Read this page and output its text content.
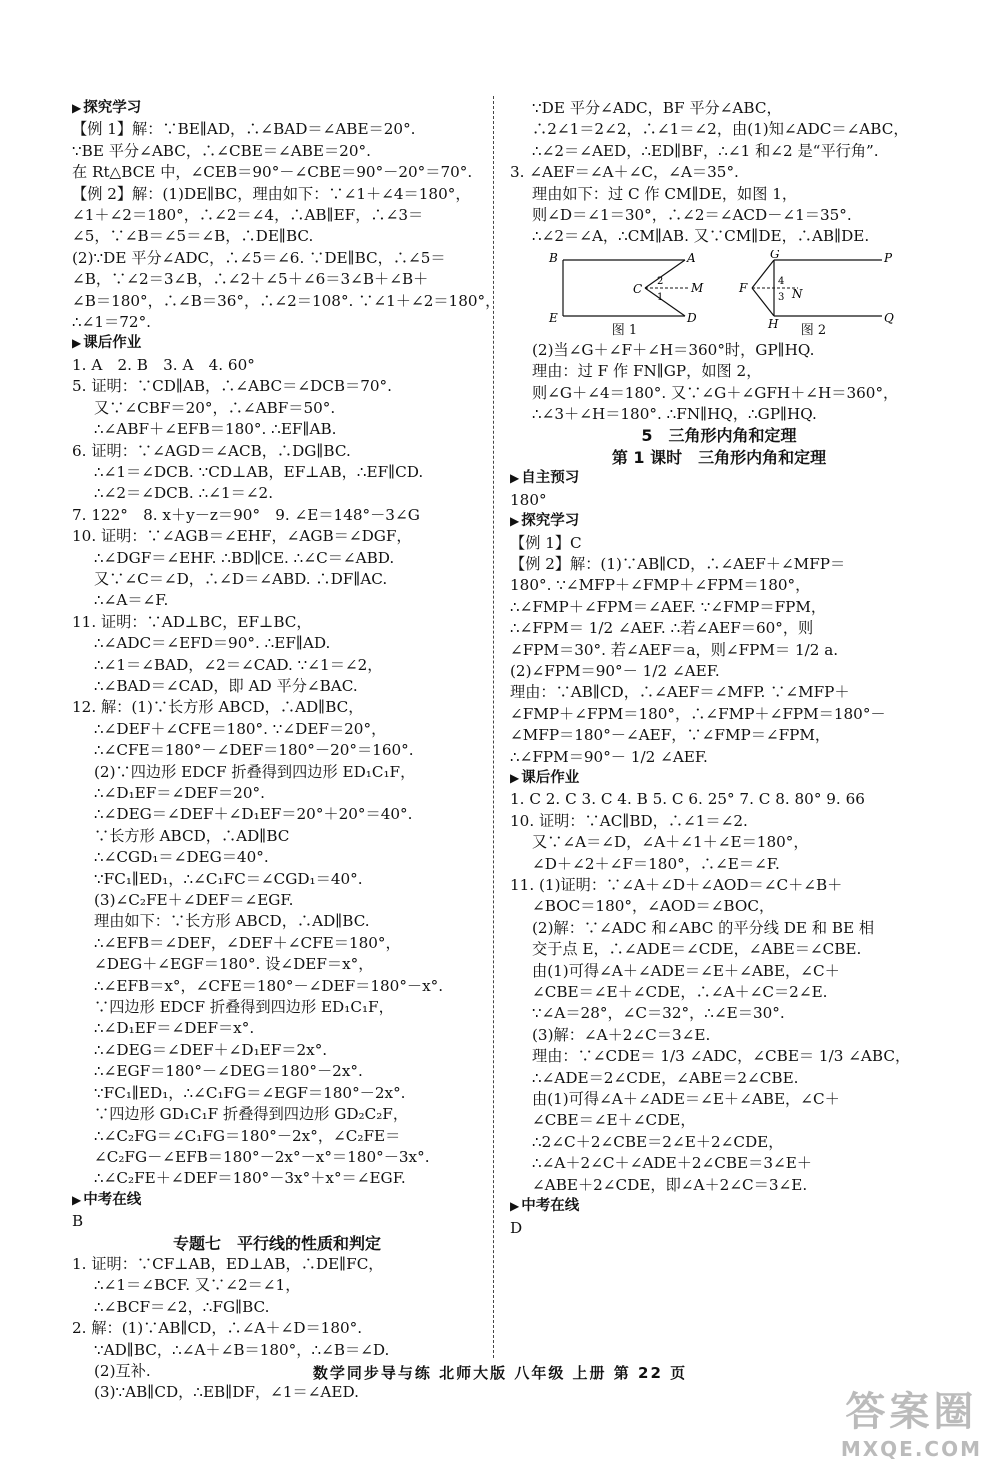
▶ 探究学习
【例 1】解：∵BE∥AD，∴∠BAD＝∠ABE＝20°.
∵BE 平分∠ABC，∴∠CBE＝∠ABE＝20°.
在 Rt△BCE 中，∠CEB＝90°－∠CBE＝90°－20°＝70°.
【例 2】解：(1)DE∥BC，理由如下：∵∠1＋∠4＝180°，
∠1＋∠2＝180°，∴∠2＝∠4，∴AB∥EF，∴∠3＝
∠5，∵∠B＝∠5＝∠B，∴DE∥BC.
(2)∵DE 平分∠ADC，∴∠5＝∠6. ∵DE∥BC，∴∠5＝
∠B，∵∠2＝3∠B，∴∠2＋∠5＋∠6＝3∠B＋∠B＋
∠B＝180°，∴∠B＝36°，∴∠2＝108°. ∵∠1＋∠2＝180°，
∴∠1＝72°.
▶ 课后作业
1. A　2. B　3. A　4. 60°
5. 证明：∵CD∥AB，∴∠ABC＝∠DCB＝70°.
又∵∠CBF＝20°，∴∠ABF＝50°.
∴∠ABF＋∠EFB＝180°. ∴EF∥AB.
6. 证明：∵∠AGD＝∠ACB，∴DG∥BC.
∴∠1＝∠DCB. ∵CD⊥AB，EF⊥AB，∴EF∥CD.
∴∠2＝∠DCB. ∴∠1＝∠2.
7. 122°　8. x＋y－z＝90°　9. ∠E＝148°－3∠G
10. 证明：∵∠AGB＝∠EHF，∠AGB＝∠DGF，
∴∠DGF＝∠EHF. ∴BD∥CE. ∴∠C＝∠ABD.
又∵∠C＝∠D，∴∠D＝∠ABD. ∴DF∥AC.
∴∠A＝∠F.
11. 证明：∵AD⊥BC，EF⊥BC，
∴∠ADC＝∠EFD＝90°. ∴EF∥AD.
∴∠1＝∠BAD，∠2＝∠CAD. ∵∠1＝∠2，
∴∠BAD＝∠CAD，即 AD 平分∠BAC.
12. 解：(1)∵长方形 ABCD，∴AD∥BC，
∴∠DEF＋∠CFE＝180°. ∵∠DEF＝20°，
∴∠CFE＝180°－∠DEF＝180°－20°＝160°.
(2)∵四边形 EDCF 折叠得到四边形 ED₁C₁F，
∴∠D₁EF＝∠DEF＝20°.
∴∠DEG＝∠DEF＋∠D₁EF＝20°＋20°＝40°.
∵长方形 ABCD，∴AD∥BC
∴∠CGD₁＝∠DEG＝40°.
∵FC₁∥ED₁，∴∠C₁FC＝∠CGD₁＝40°.
(3)∠C₂FE＋∠DEF＝∠EGF.
理由如下：∵长方形 ABCD，∴AD∥BC.
∴∠EFB＝∠DEF，∠DEF＋∠CFE＝180°，
∠DEG＋∠EGF＝180°. 设∠DEF＝x°，
∴∠EFB＝x°，∠CFE＝180°－∠DEF＝180°－x°.
∵四边形 EDCF 折叠得到四边形 ED₁C₁F，
∴∠D₁EF＝∠DEF＝x°.
∴∠DEG＝∠DEF＋∠D₁EF＝2x°.
∴∠EGF＝180°－∠DEG＝180°－2x°.
∵FC₁∥ED₁，∴∠C₁FG＝∠EGF＝180°－2x°.
∵四边形 GD₁C₁F 折叠得到四边形 GD₂C₂F，
∴∠C₂FG＝∠C₁FG＝180°－2x°，∠C₂FE＝
∠C₂FG－∠EFB＝180°－2x°－x°＝180°－3x°.
∴∠C₂FE＋∠DEF＝180°－3x°＋x°＝∠EGF.
▶ 中考在线
B
专题七　平行线的性质和判定
1. 证明：∵CF⊥AB，ED⊥AB，∴DE∥FC，
∴∠1＝∠BCF. 又∵∠2＝∠1，
∴∠BCF＝∠2，∴FG∥BC.
2. 解：(1)∵AB∥CD，∴∠A＋∠D＝180°.
∵AD∥BC，∴∠A＋∠B＝180°，∴∠B＝∠D.
(2)互补.
(3)∵AB∥CD，∴EB∥DF，∠1＝∠AED.
∵DE 平分∠ADC，BF 平分∠ABC，
∴2∠1＝2∠2，∴∠1＝∠2，由(1)知∠ADC＝∠ABC，
∴∠2＝∠AED，∴ED∥BF，∴∠1 和∠2 是“平行角”.
3. ∠AEF＝∠A＋∠C，∠A＝35°.
理由如下：过 C 作 CM∥DE，如图 1，
则∠D＝∠1＝30°，∴∠2＝∠ACD－∠1＝35°.
∴∠2＝∠A，∴CM∥AB. 又∵CM∥DE，∴AB∥DE.
B	A
C	M
E	D
2
1
图 1
G	P
F	N
H	Q
4
3
图 2
(2)当∠G＋∠F＋∠H＝360°时，GP∥HQ.
理由：过 F 作 FN∥GP，如图 2，
则∠G＋∠4＝180°. 又∵∠G＋∠GFH＋∠H＝360°，
∴∠3＋∠H＝180°. ∴FN∥HQ，∴GP∥HQ.
5　三角形内角和定理
第 1 课时　三角形内角和定理
▶ 自主预习
180°
▶ 探究学习
【例 1】C
【例 2】解：(1)∵AB∥CD，∴∠AEF＋∠MFP＝
180°. ∵∠MFP＋∠FMP＋∠FPM＝180°，
∴∠FMP＋∠FPM＝∠AEF. ∵∠FMP＝FPM，
∴∠FPM＝ 1/2 ∠AEF. ∴若∠AEF＝60°，则
∠FPM＝30°. 若∠AEF＝a，则∠FPM＝ 1/2 a.
(2)∠FPM＝90°－ 1/2 ∠AEF.
理由：∵AB∥CD，∴∠AEF＝∠MFP. ∵∠MFP＋
∠FMP＋∠FPM＝180°，∴∠FMP＋∠FPM＝180°－
∠MFP＝180°－∠AEF，∵∠FMP＝∠FPM，
∴∠FPM＝90°－ 1/2 ∠AEF.
▶ 课后作业
1. C 2. C 3. C 4. B 5. C 6. 25° 7. C 8. 80° 9. 66
10. 证明：∵AC∥BD，∴∠1＝∠2.
又∵∠A＝∠D，∠A＋∠1＋∠E＝180°，
∠D＋∠2＋∠F＝180°，∴∠E＝∠F.
11. (1)证明：∵∠A＋∠D＋∠AOD＝∠C＋∠B＋
∠BOC＝180°，∠AOD＝∠BOC，
(2)解：∵∠ADC 和∠ABC 的平分线 DE 和 BE 相
交于点 E，∴∠ADE＝∠CDE，∠ABE＝∠CBE.
由(1)可得∠A＋∠ADE＝∠E＋∠ABE，∠C＋
∠CBE＝∠E＋∠CDE，∴∠A＋∠C＝2∠E.
∵∠A＝28°，∠C＝32°，∴∠E＝30°.
(3)解：∠A＋2∠C＝3∠E.
理由：∵∠CDE＝ 1/3 ∠ADC，∠CBE＝ 1/3 ∠ABC，
∴∠ADE＝2∠CDE，∠ABE＝2∠CBE.
由(1)可得∠A＋∠ADE＝∠E＋∠ABE，∠C＋
∠CBE＝∠E＋∠CDE，
∴2∠C＋2∠CBE＝2∠E＋2∠CDE，
∴∠A＋2∠C＋∠ADE＋2∠CBE＝3∠E＋
∠ABE＋2∠CDE，即∠A＋2∠C＝3∠E.
▶ 中考在线
D
数学同步导与练 北师大版 八年级 上册 第 22 页
答案圈
MXQE.COM
